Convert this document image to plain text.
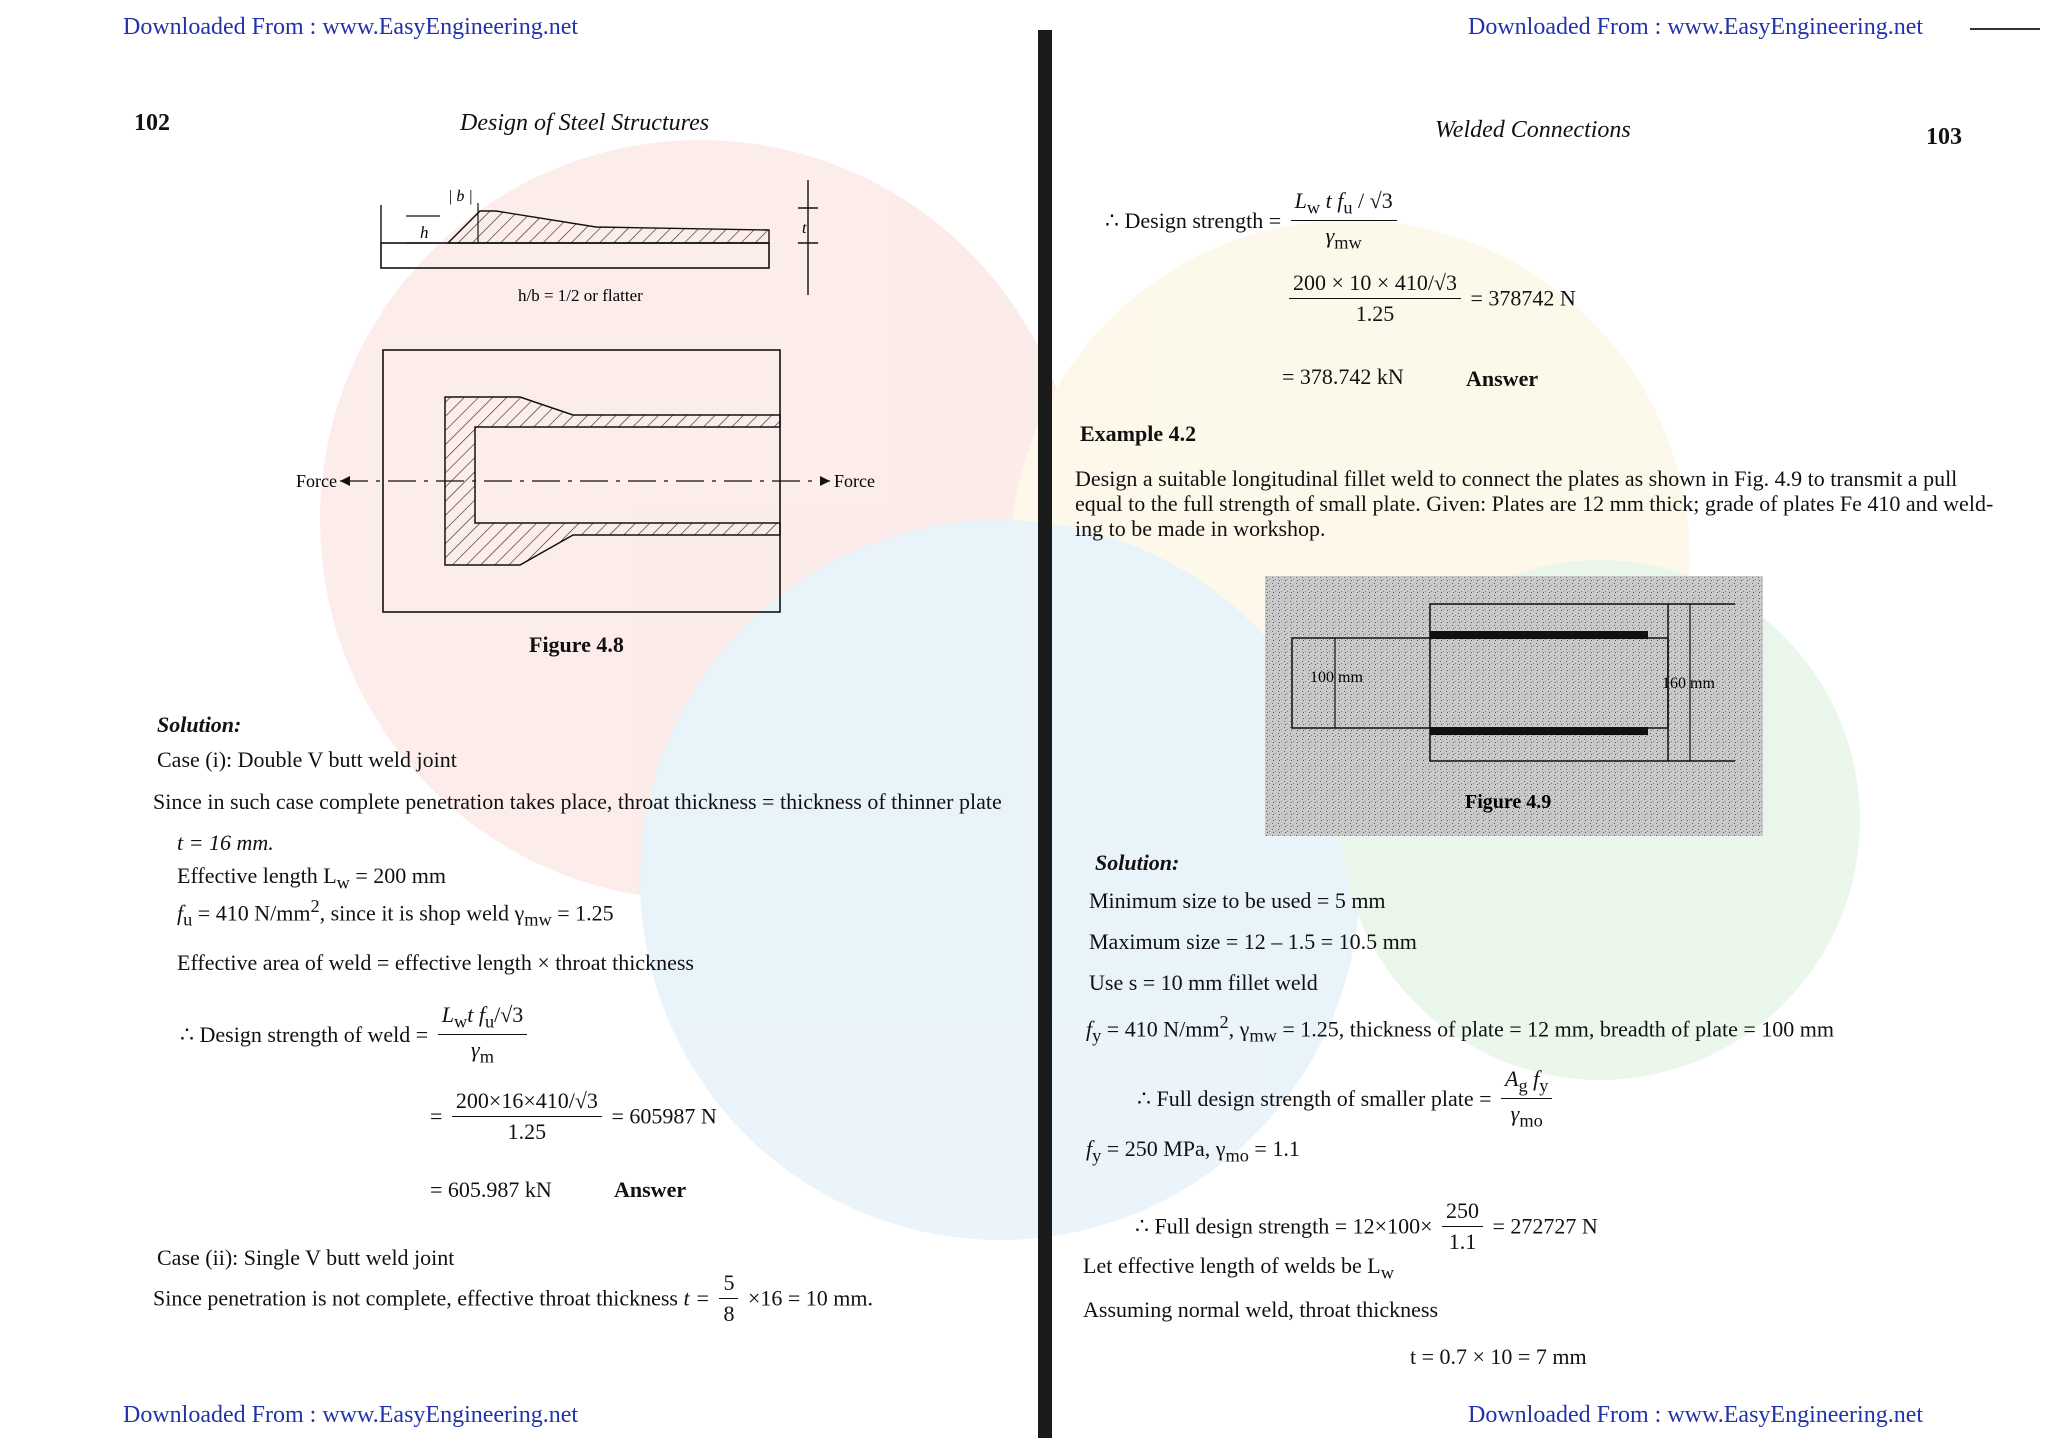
Downloaded From : www.EasyEngineering.net	Downloaded From : www.EasyEngineering.net
102	Design of Steel Structures
h
| b |
t
h/b = 1/2 or flatter
Force	Force
Figure 4.8
Solution:
Case (i): Double V butt weld joint
Since in such case complete penetration takes place, throat thickness = thickness of thinner plate
t = 16 mm.
Effective length $L_w = 200$ mm
$f_u = 410$ $N/mm^2$, since it is shop weld $\gamma_{mw} = 1.25$
Effective area of weld = effective length × throat thickness
∴ Design strength of weld = $\frac{L_wt f_u/√3}{\gamma_m}$
= $\frac{200\times 16\times 410/√3}{1.25} = 605987$ N
= 605.987 kN	Answer
Case (ii): Single V butt weld joint
Since penetration is not complete, effective throat thickness $t = \frac{5}{8} \times 16 = 10$ mm.
Welded Connections	103
∴ Design strength = $\frac{L_w t f_u / √3}{\gamma_{mw}}$
$\frac{200 \times 10 \times 410/√3}{1.25} = 378742$ N
= 378.742 kN	Answer
Example 4.2
Design a suitable longitudinal fillet weld to connect the plates as shown in Fig. 4.9 to transmit a pull
equal to the full strength of small plate. Given: Plates are 12 mm thick; grade of plates Fe 410 and weld-
ing to be made in workshop.
100 mm	160 mm
Figure 4.9
Solution:
Minimum size to be used = 5 mm
Maximum size = 12 – 1.5 = 10.5 mm
Use s = 10 mm fillet weld
$f_y = 410$ $N/mm^2$, $\gamma_{mw} = 1.25$, thickness of plate = 12 mm, breadth of plate = 100 mm
∴ Full design strength of smaller plate = $\frac{A_g f_y}{\gamma_{mo}}$
$f_y = 250$ MPa, $\gamma_{mo} = 1.1$
∴ Full design strength = $12\times 100\times \frac{250}{1.1} = 272727$ N
Let effective length of welds be $L_w$
Assuming normal weld, throat thickness
t = 0.7 × 10 = 7 mm
Downloaded From : www.EasyEngineering.net	Downloaded From : www.EasyEngineering.net
